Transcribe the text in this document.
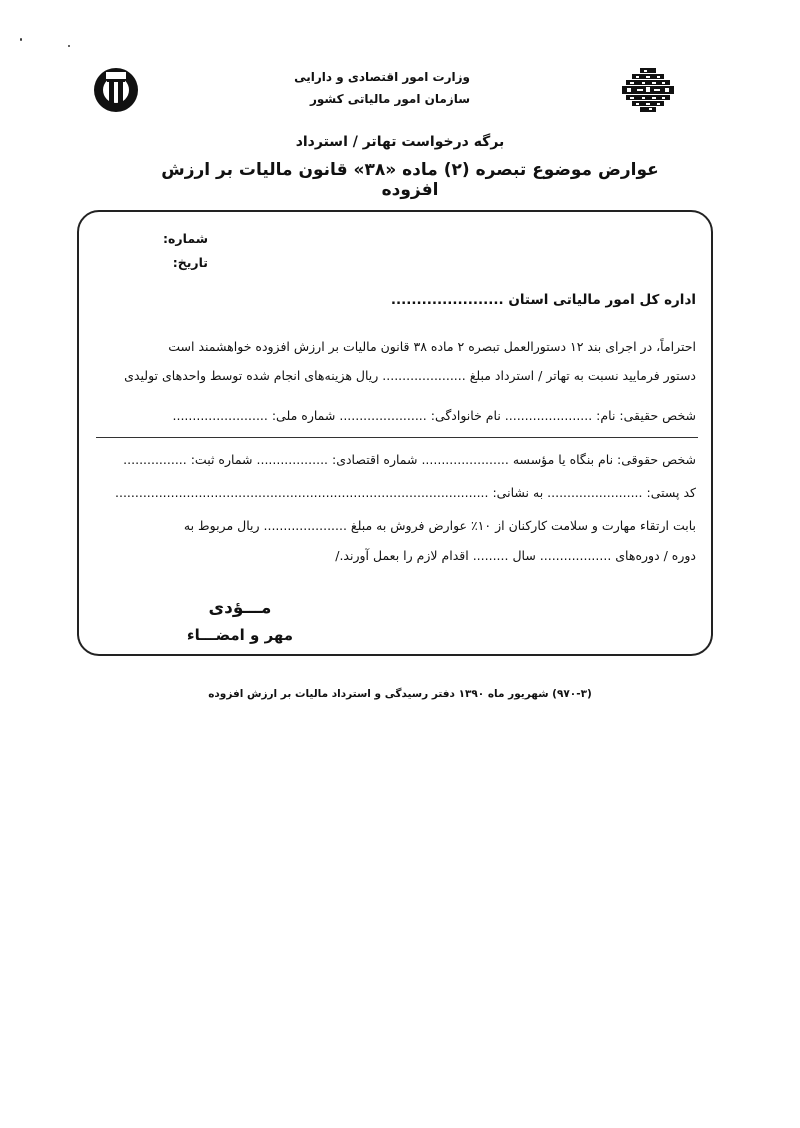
وزارت امور اقتصادی و دارایی
سازمان امور مالیاتی کشور
برگه درخواست تهاتر / استرداد
عوارض موضوع تبصره (۲) ماده «۳۸» قانون مالیات بر ارزش افزوده
شماره:
تاریخ:
اداره کل امور مالیاتی استان ......................
احتراماً، در اجرای بند ۱۲ دستورالعمل تبصره ۲ ماده ۳۸ قانون مالیات بر ارزش افزوده خواهشمند است
دستور فرمایید نسبت به تهاتر / استرداد مبلغ ..................... ریال هزینه‌های انجام شده توسط واحدهای تولیدی
شخص حقیقی: نام: ...................... نام خانوادگی: ...................... شماره ملی: ........................
شخص حقوقی: نام بنگاه یا مؤسسه ...................... شماره اقتصادی: .................. شماره ثبت: ................
کد پستی: ........................ به نشانی: ..............................................................................................
بابت ارتقاء مهارت و سلامت کارکنان از ۱۰٪ عوارض فروش به مبلغ ..................... ریال مربوط به
دوره / دوره‌های .................. سال ......... اقدام لازم را بعمل آورند./
مـــؤدی
مهر و امضـــاء
(۹۷۰-۳) شهریور ماه ۱۳۹۰ دفتر رسیدگی و استرداد مالیات بر ارزش افزوده
